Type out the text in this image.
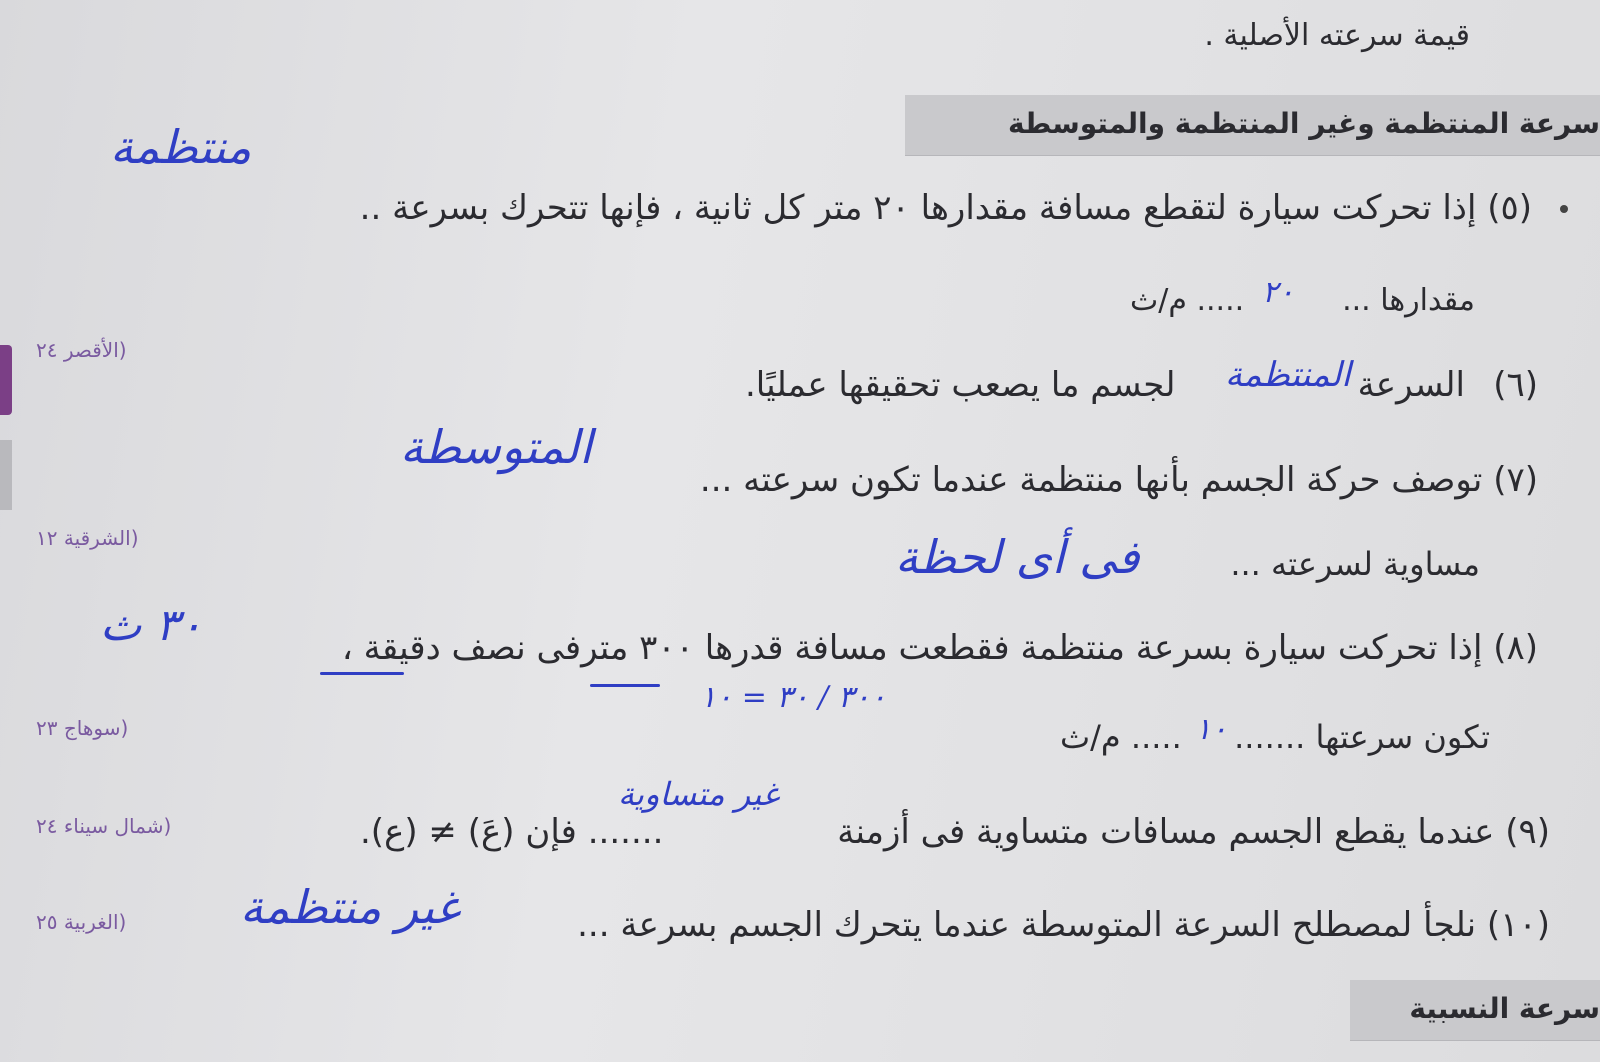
قيمة سرعته الأصلية .
سرعة المنتظمة وغير المنتظمة والمتوسطة
منتظمة
(٥) إذا تحركت سيارة لتقطع مسافة مقدارها ٢٠ متر كل ثانية ، فإنها تتحرك بسرعة ..
مقدارها ...
٢٠
..... م/ث
(الأقصر ٢٤
(٦)
السرعة
المنتظمة
لجسم ما يصعب تحقيقها عمليًا.
المتوسطة
(٧) توصف حركة الجسم بأنها منتظمة عندما تكون سرعته ...
(الشرقية ١٢
مساوية لسرعته ...
فى أى لحظة
٣٠ ث	(٨) إذا تحركت سيارة بسرعة منتظمة فقطعت مسافة قدرها ٣٠٠ مترفى نصف دقيقة ،
٣٠٠ / ٣٠ = ١٠
(سوهاج ٢٣	تكون سرعتها .......
١٠
..... م/ث
غير متساوية
(٩) عندما يقطع الجسم مسافات متساوية فى أزمنة
....... فإن (عَ) ≠ (ع).
(شمال سيناء ٢٤
غير منتظمة	(١٠) نلجأ لمصطلح السرعة المتوسطة عندما يتحرك الجسم بسرعة ...
(الغربية ٢٥
سرعة النسبية
